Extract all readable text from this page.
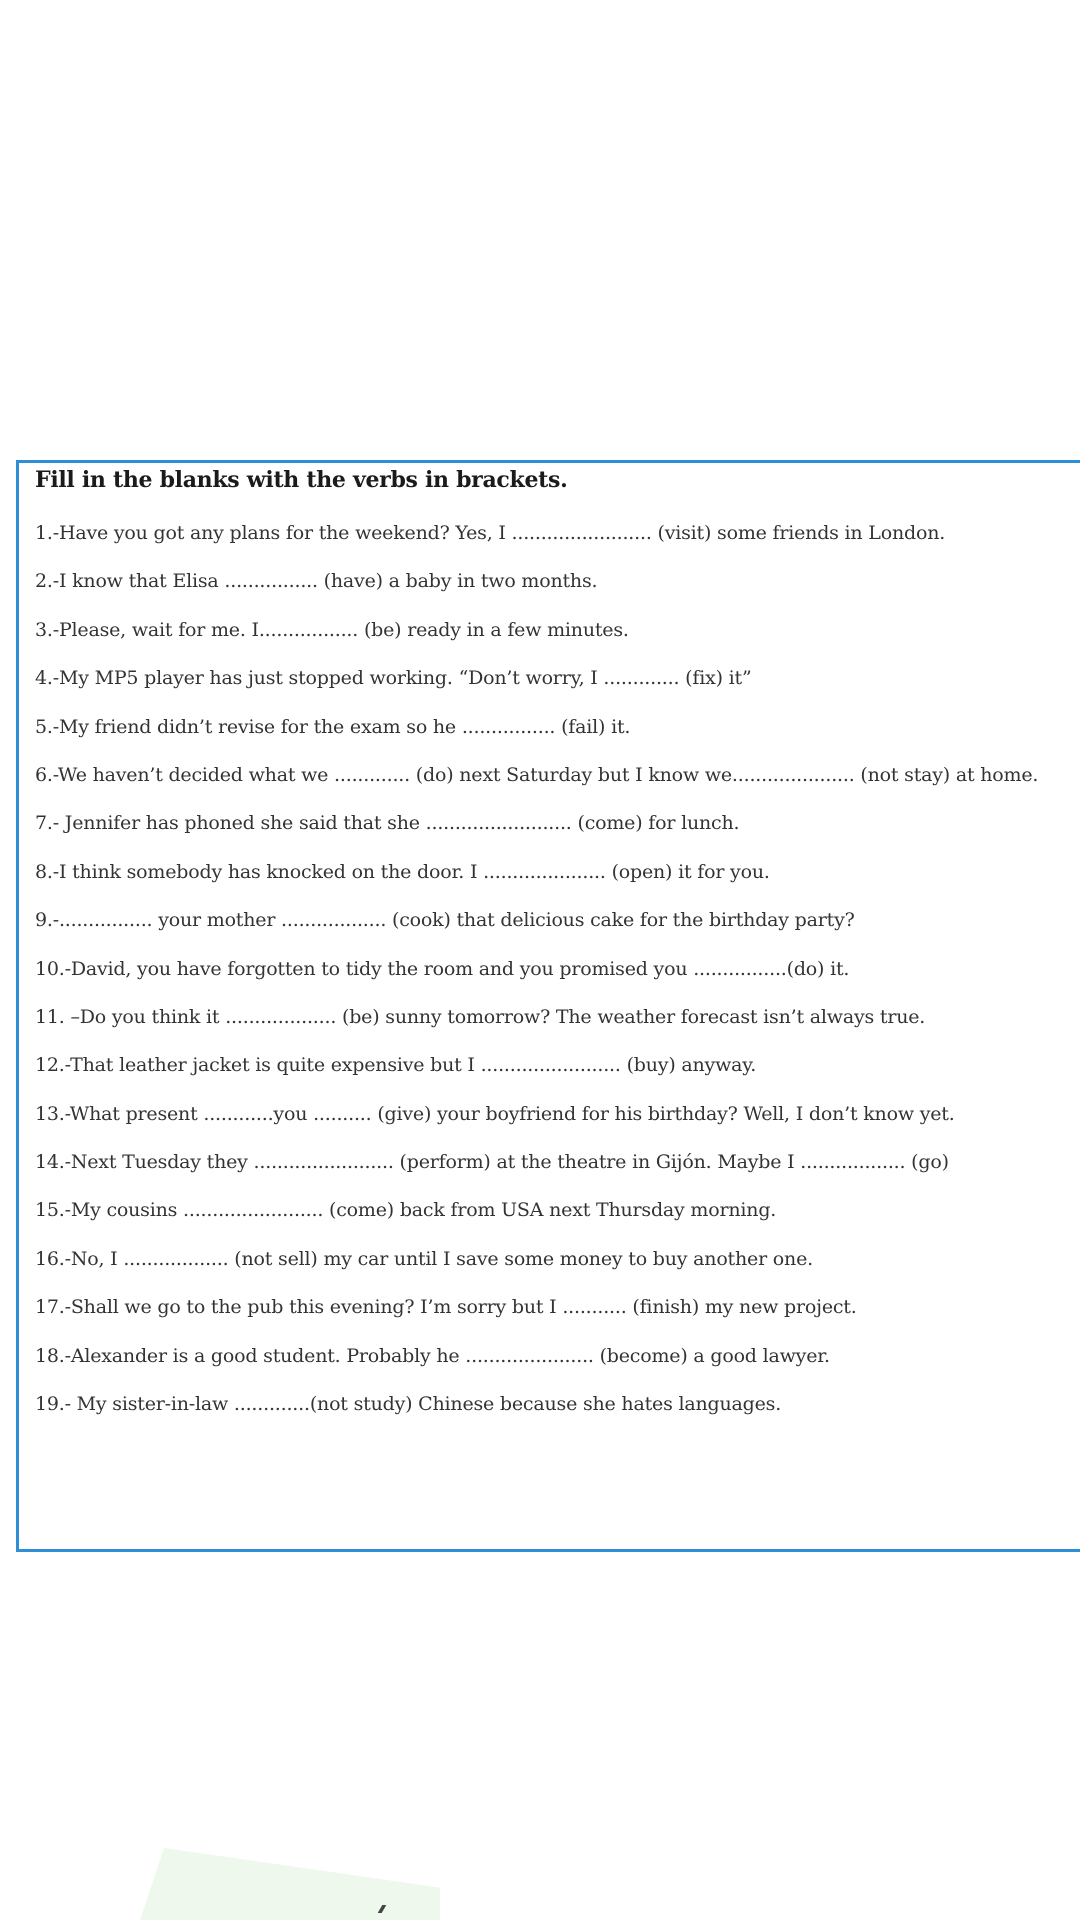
Fill in the blanks with the verbs in brackets.
1.-Have you got any plans for the weekend? Yes, I ........................ (visit) some friends in London.
2.-I know that Elisa ................ (have) a baby in two months.
3.-Please, wait for me. I................. (be) ready in a few minutes.
4.-My MP5 player has just stopped working. “Don’t worry, I ............. (fix) it”
5.-My friend didn’t revise for the exam so he ................ (fail) it.
6.-We haven’t decided what we ............. (do) next Saturday but I know we..................... (not stay) at home.
7.- Jennifer has phoned she said that she ......................... (come) for lunch.
8.-I think somebody has knocked on the door. I ..................... (open) it for you.
9.-................ your mother .................. (cook) that delicious cake for the birthday party?
10.-David, you have forgotten to tidy the room and you promised you ................(do) it.
11. –Do you think it ................... (be) sunny tomorrow? The weather forecast isn’t always true.
12.-That leather jacket is quite expensive but I ........................ (buy) anyway.
13.-What present ............you .......... (give) your boyfriend for his birthday? Well, I don’t know yet.
14.-Next Tuesday they ........................ (perform) at the theatre in Gijón. Maybe I .................. (go)
15.-My cousins ........................ (come) back from USA next Thursday morning.
16.-No, I .................. (not sell) my car until I save some money to buy another one.
17.-Shall we go to the pub this evening? I’m sorry but I ........... (finish) my new project.
18.-Alexander is a good student. Probably he ...................... (become) a good lawyer.
19.- My sister-in-law .............(not study) Chinese because she hates languages.
